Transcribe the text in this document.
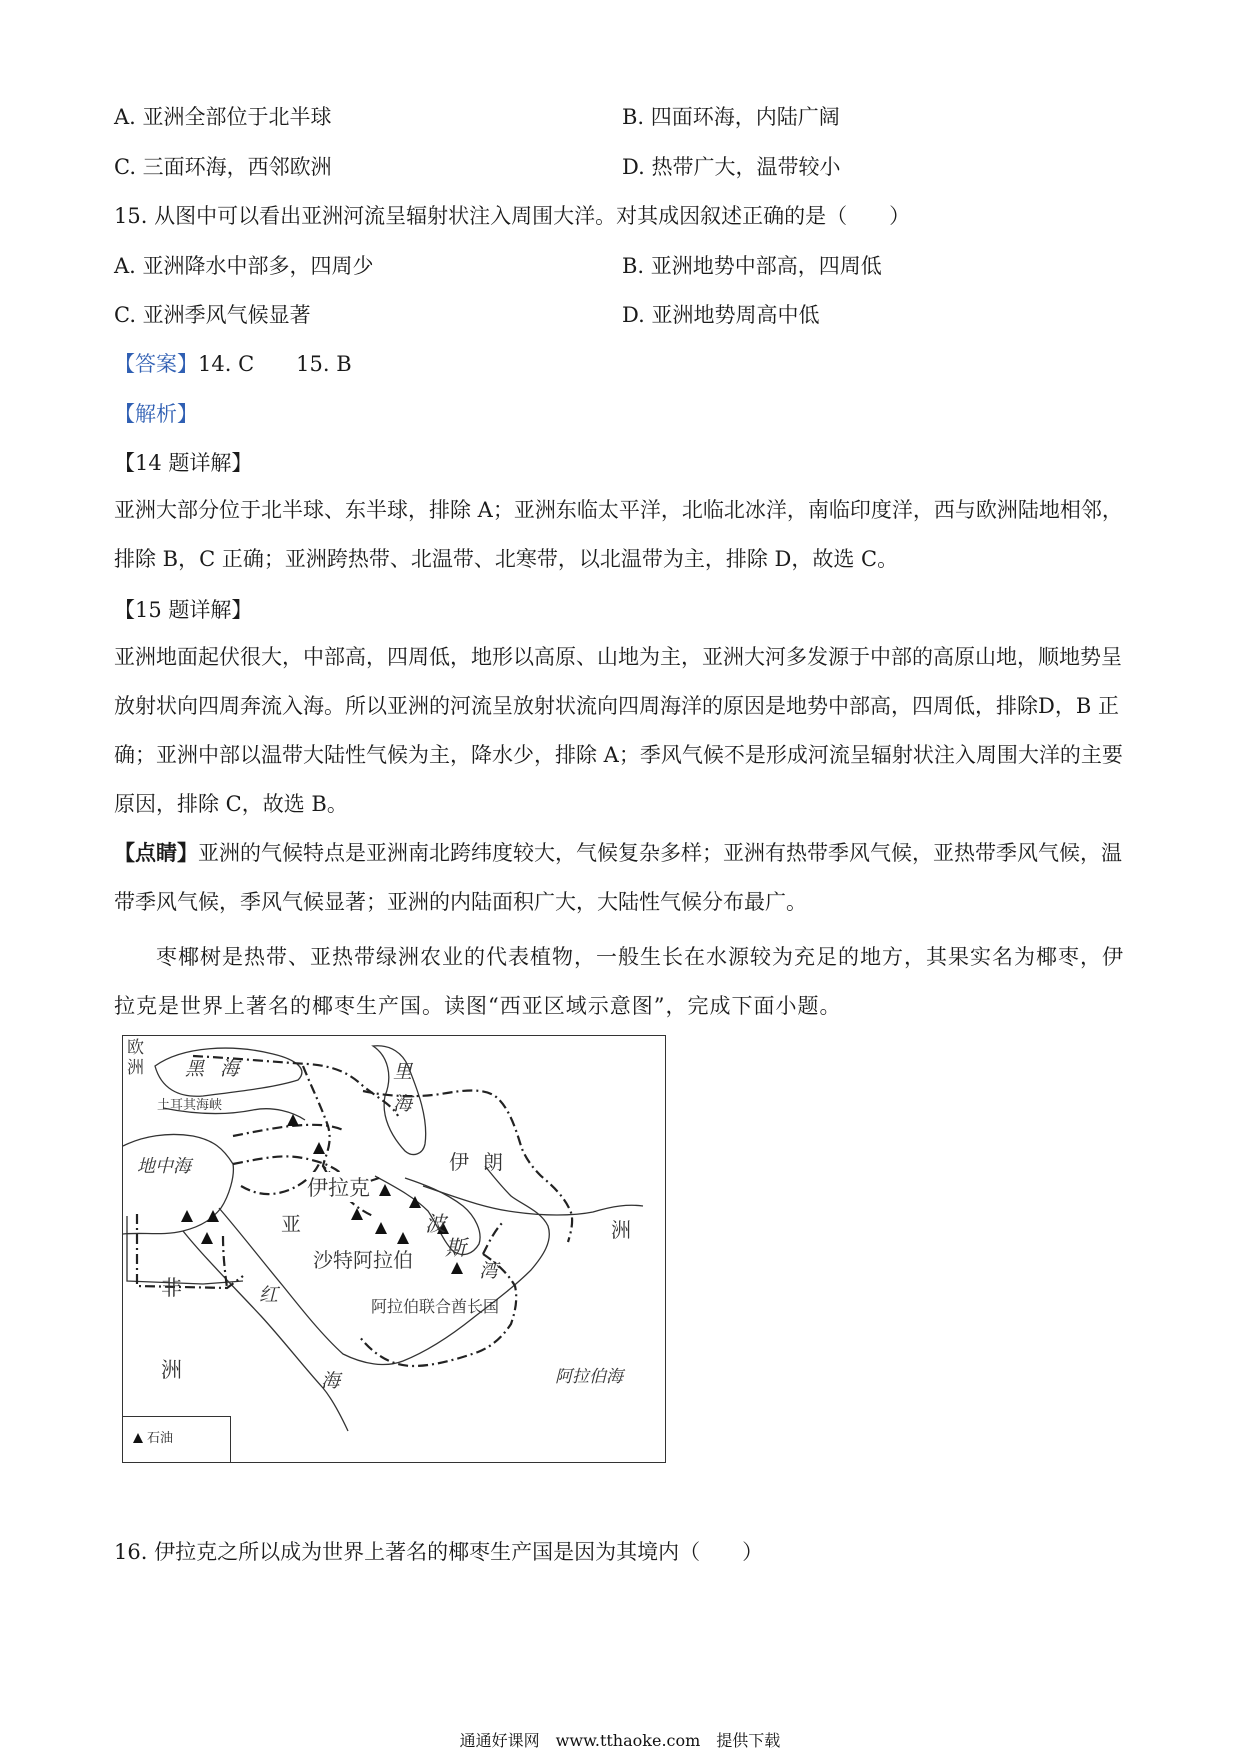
A. 亚洲全部位于北半球	B. 四面环海，内陆广阔
C. 三面环海，西邻欧洲	D. 热带广大，温带较小
15. 从图中可以看出亚洲河流呈辐射状注入周围大洋。对其成因叙述正确的是（　　）
A. 亚洲降水中部多，四周少	B. 亚洲地势中部高，四周低
C. 亚洲季风气候显著	D. 亚洲地势周高中低
【答案】14. C　　15. B
【解析】
【14 题详解】
亚洲大部分位于北半球、东半球，排除 A；亚洲东临太平洋，北临北冰洋，南临印度洋，西与欧洲陆地相邻，排除 B，C 正确；亚洲跨热带、北温带、北寒带，以北温带为主，排除 D，故选 C。
【15 题详解】
亚洲地面起伏很大，中部高，四周低，地形以高原、山地为主，亚洲大河多发源于中部的高原山地，顺地势呈放射状向四周奔流入海。所以亚洲的河流呈放射状流向四周海洋的原因是地势中部高，四周低，排除D，B 正确；亚洲中部以温带大陆性气候为主，降水少，排除 A；季风气候不是形成河流呈辐射状注入周围大洋的主要原因，排除 C，故选 B。
【点睛】亚洲的气候特点是亚洲南北跨纬度较大，气候复杂多样；亚洲有热带季风气候，亚热带季风气候，温带季风气候，季风气候显著；亚洲的内陆面积广大，大陆性气候分布最广。
枣椰树是热带、亚热带绿洲农业的代表植物，一般生长在水源较为充足的地方，其果实名为椰枣，伊拉克是世界上著名的椰枣生产国。读图“西亚区域示意图”，完成下面小题。
欧洲 黑海	里海
土耳其海峡
伊朗
地中海
伊拉克
亚	洲
波
斯
湾
沙特阿拉伯
非
洲
红
海
阿拉伯联合酋长国
阿拉伯海
石油
16. 伊拉克之所以成为世界上著名的椰枣生产国是因为其境内（　　）
通通好课网　www.tthaoke.com　提供下载
